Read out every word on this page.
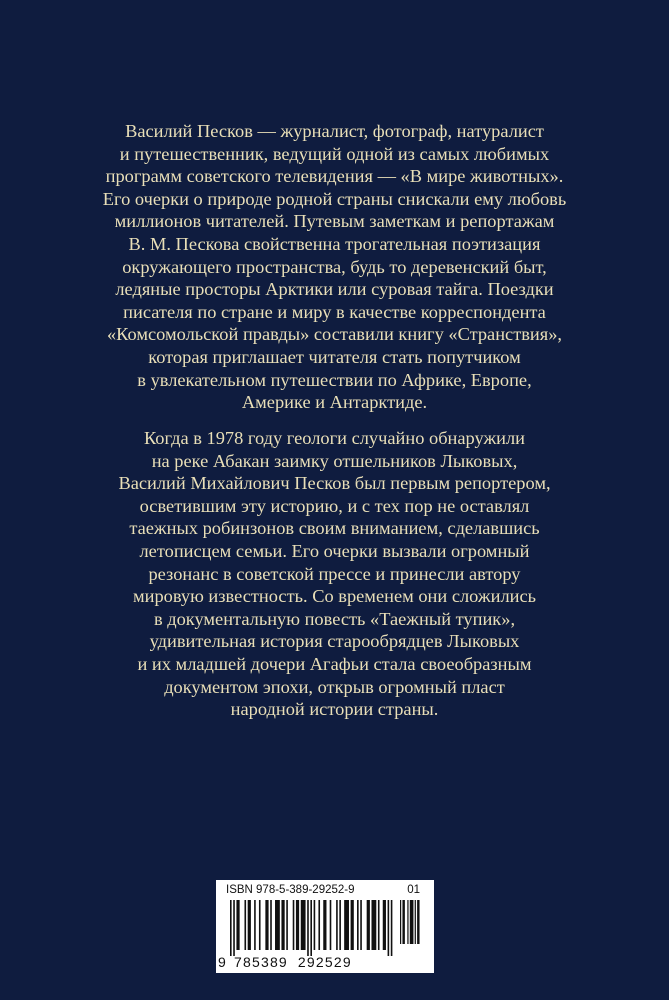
Василий Песков — журналист, фотограф, натуралист
и путешественник, ведущий одной из самых любимых
программ советского телевидения — «В мире животных».
Его очерки о природе родной страны снискали ему любовь
миллионов читателей. Путевым заметкам и репортажам
В. М. Пескова свойственна трогательная поэтизация
окружающего пространства, будь то деревенский быт,
ледяные просторы Арктики или суровая тайга. Поездки
писателя по стране и миру в качестве корреспондента
«Комсомольской правды» составили книгу «Странствия»,
которая приглашает читателя стать попутчиком
в увлекательном путешествии по Африке, Европе,
Америке и Антарктиде.
Когда в 1978 году геологи случайно обнаружили
на реке Абакан заимку отшельников Лыковых,
Василий Михайлович Песков был первым репортером,
осветившим эту историю, и с тех пор не оставлял
таежных робинзонов своим вниманием, сделавшись
летописцем семьи. Его очерки вызвали огромный
резонанс в советской прессе и принесли автору
мировую известность. Со временем они сложились
в документальную повесть «Таежный тупик»,
удивительная история старообрядцев Лыковых
и их младшей дочери Агафьи стала своеобразным
документом эпохи, открыв огромный пласт
народной истории страны.
ISBN 978-5-389-29252-9	01
9 785389 292529
